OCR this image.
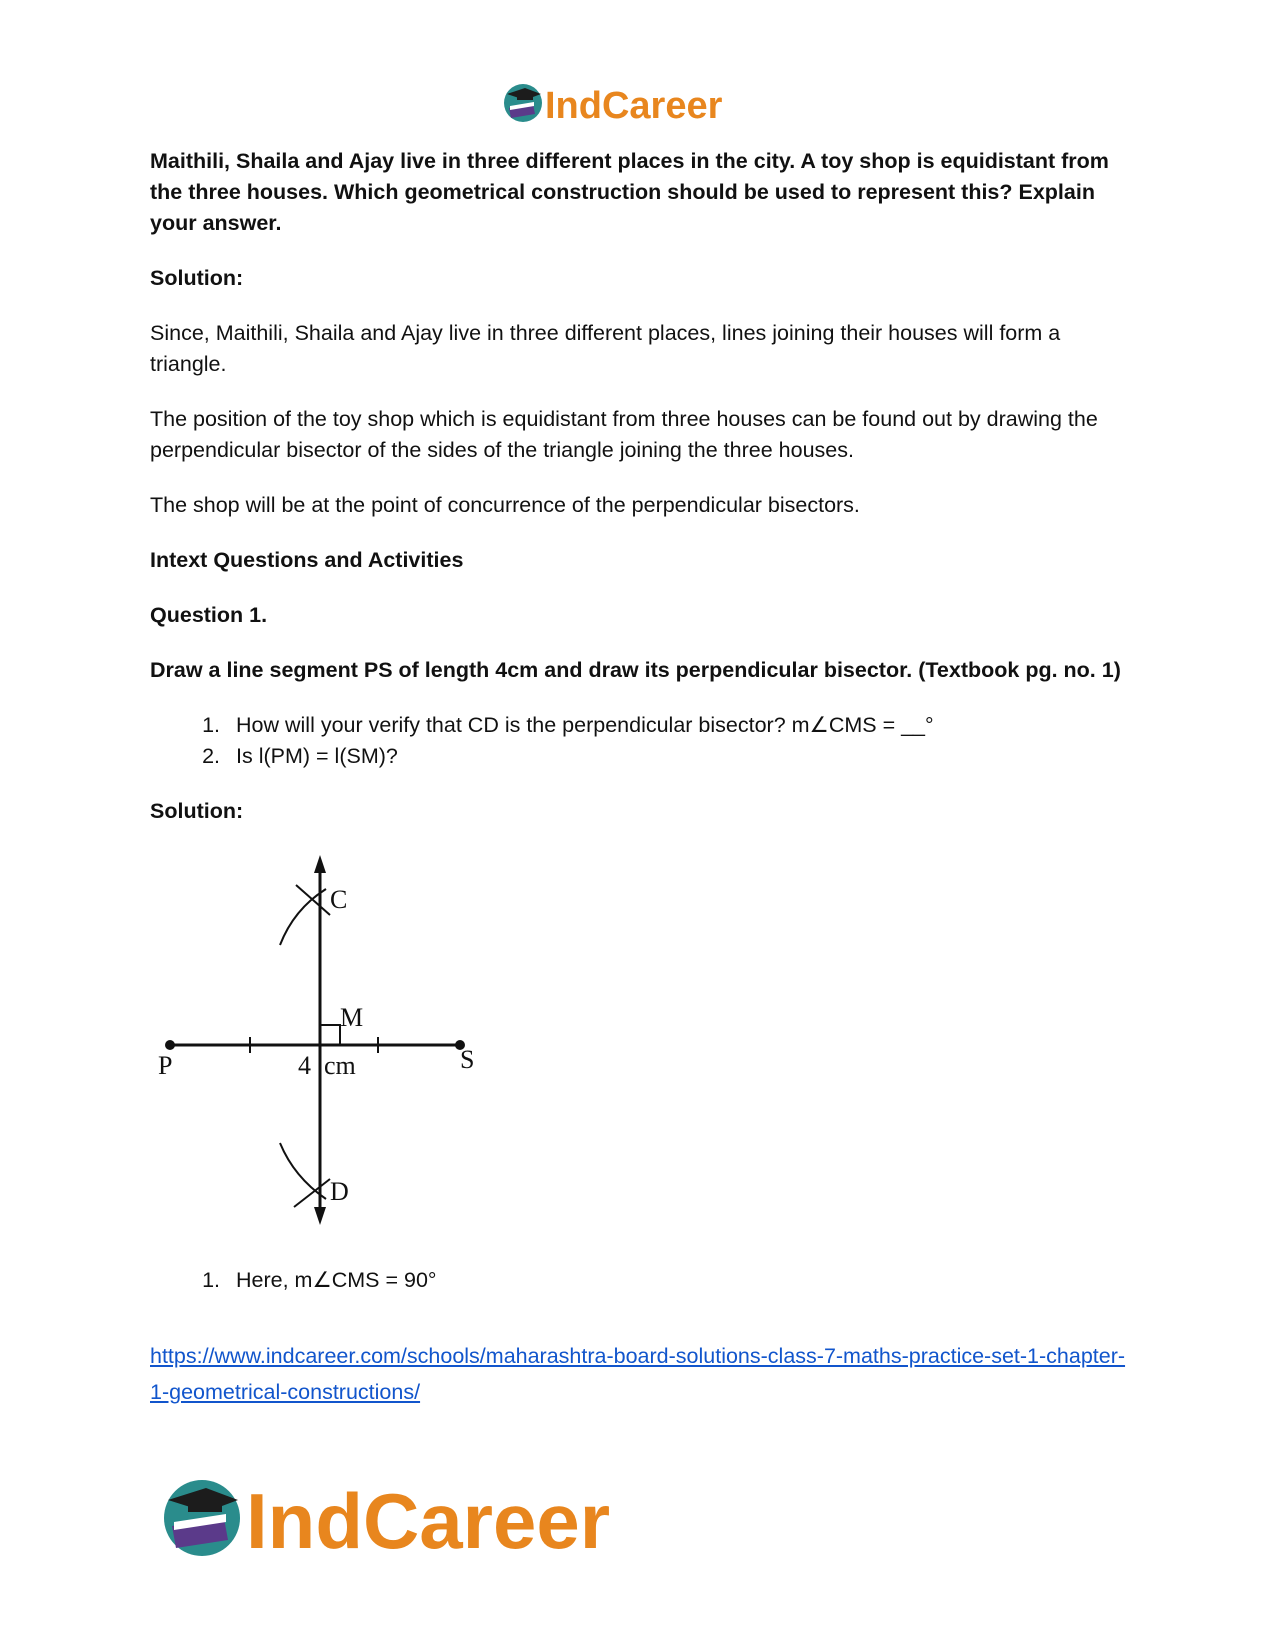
IndCareer

Maithili, Shaila and Ajay live in three different places in the city. A toy shop is equidistant from the three houses. Which geometrical construction should be used to represent this? Explain your answer.

Solution:

Since, Maithili, Shaila and Ajay live in three different places, lines joining their houses will form a triangle.

The position of the toy shop which is equidistant from three houses can be found out by drawing the perpendicular bisector of the sides of the triangle joining the three houses.

The shop will be at the point of concurrence of the perpendicular bisectors.

Intext Questions and Activities

Question 1.

Draw a line segment PS of length 4cm and draw its perpendicular bisector. (Textbook pg. no. 1)

1. How will your verify that CD is the perpendicular bisector? m∠CMS = __°
2. Is l(PM) = l(SM)?

Solution:

C
M
P	S
D
4 cm
1. Here, m∠CMS = 90°

https://www.indcareer.com/schools/maharashtra-board-solutions-class-7-maths-practice-set-1-chapter-1-geometrical-constructions/

IndCareer
